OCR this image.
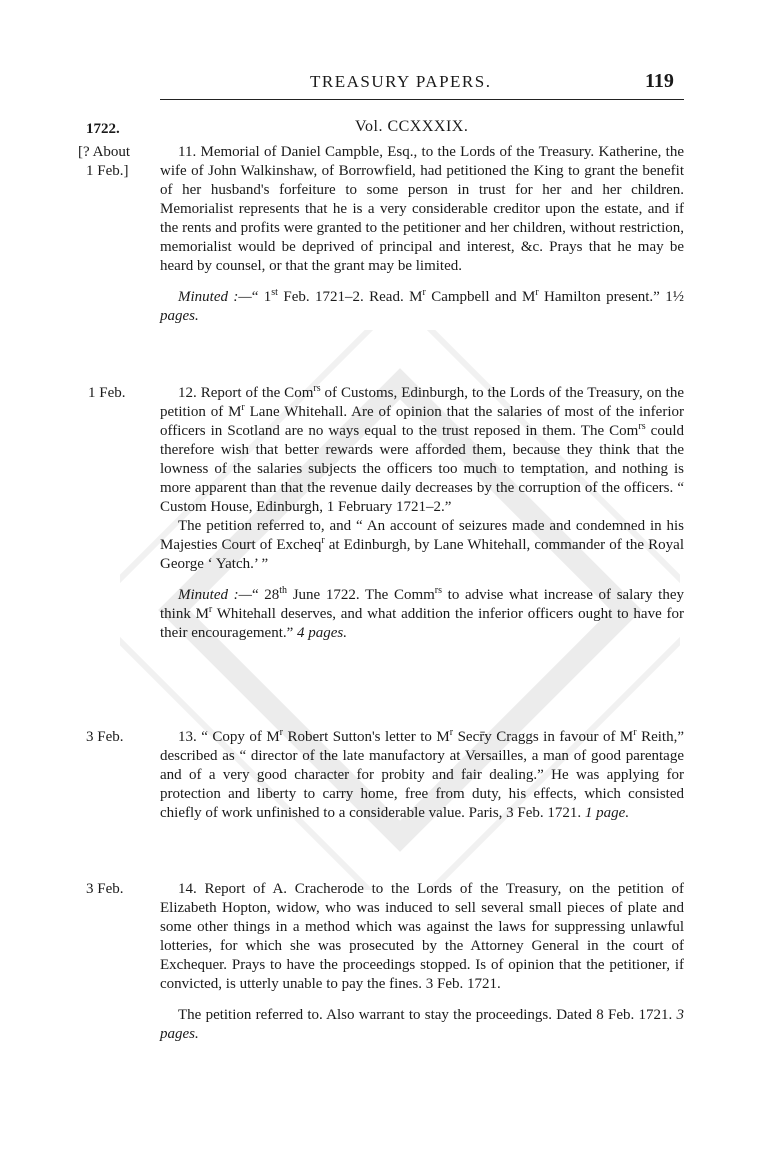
TREASURY PAPERS.	119
1722.	Vol. CCXXXIX.
[? About
1 Feb.]

11. Memorial of Daniel Campble, Esq., to the Lords of the Treasury. Katherine, the wife of John Walkinshaw, of Borrowfield, had petitioned the King to grant the benefit of her husband's forfeiture to some person in trust for her and her children. Memorialist represents that he is a very considerable creditor upon the estate, and if the rents and profits were granted to the petitioner and her children, without restriction, memorialist would be deprived of principal and interest, &c. Prays that he may be heard by counsel, or that the grant may be limited.

Minuted :—“ 1st Feb. 1721–2. Read. $M^r$ Campbell and $M^r$ Hamilton present.” 1½ pages.

1 Feb.	12. Report of the Com$^{rs}$ of Customs, Edinburgh, to the Lords of the Treasury, on the petition of $M^r$ Lane Whitehall. Are of opinion that the salaries of most of the inferior officers in Scotland are no ways equal to the trust reposed in them. The Com$^{rs}$ could therefore wish that better rewards were afforded them, because they think that the lowness of the salaries subjects the officers too much to temptation, and nothing is more apparent than that the revenue daily decreases by the corruption of the officers. “ Custom House, Edinburgh, 1 February 1721–2.”

The petition referred to, and “ An account of seizures made and condemned in his Majesties Court of Excheq$^r$ at Edinburgh, by Lane Whitehall, commander of the Royal George ‘ Yatch.’ ”

Minuted :—“ 28th June 1722. The Comm$^{rs}$ to advise what increase of salary they think $M^r$ Whitehall deserves, and what addition the inferior officers ought to have for their encouragement.” 4 pages.

3 Feb.	13. “ Copy of $M^r$ Robert Sutton's letter to $M^r$ Secr̄y Craggs in favour of $M^r$ Reith,” described as “ director of the late manufactory at Versailles, a man of good parentage and of a very good character for probity and fair dealing.” He was applying for protection and liberty to carry home, free from duty, his effects, which consisted chiefly of work unfinished to a considerable value. Paris, 3 Feb. 1721. 1 page.

3 Feb.	14. Report of A. Cracherode to the Lords of the Treasury, on the petition of Elizabeth Hopton, widow, who was induced to sell several small pieces of plate and some other things in a method which was against the laws for suppressing unlawful lotteries, for which she was prosecuted by the Attorney General in the court of Exchequer. Prays to have the proceedings stopped. Is of opinion that the petitioner, if convicted, is utterly unable to pay the fines. 3 Feb. 1721.

The petition referred to. Also warrant to stay the proceedings. Dated 8 Feb. 1721. 3 pages.
